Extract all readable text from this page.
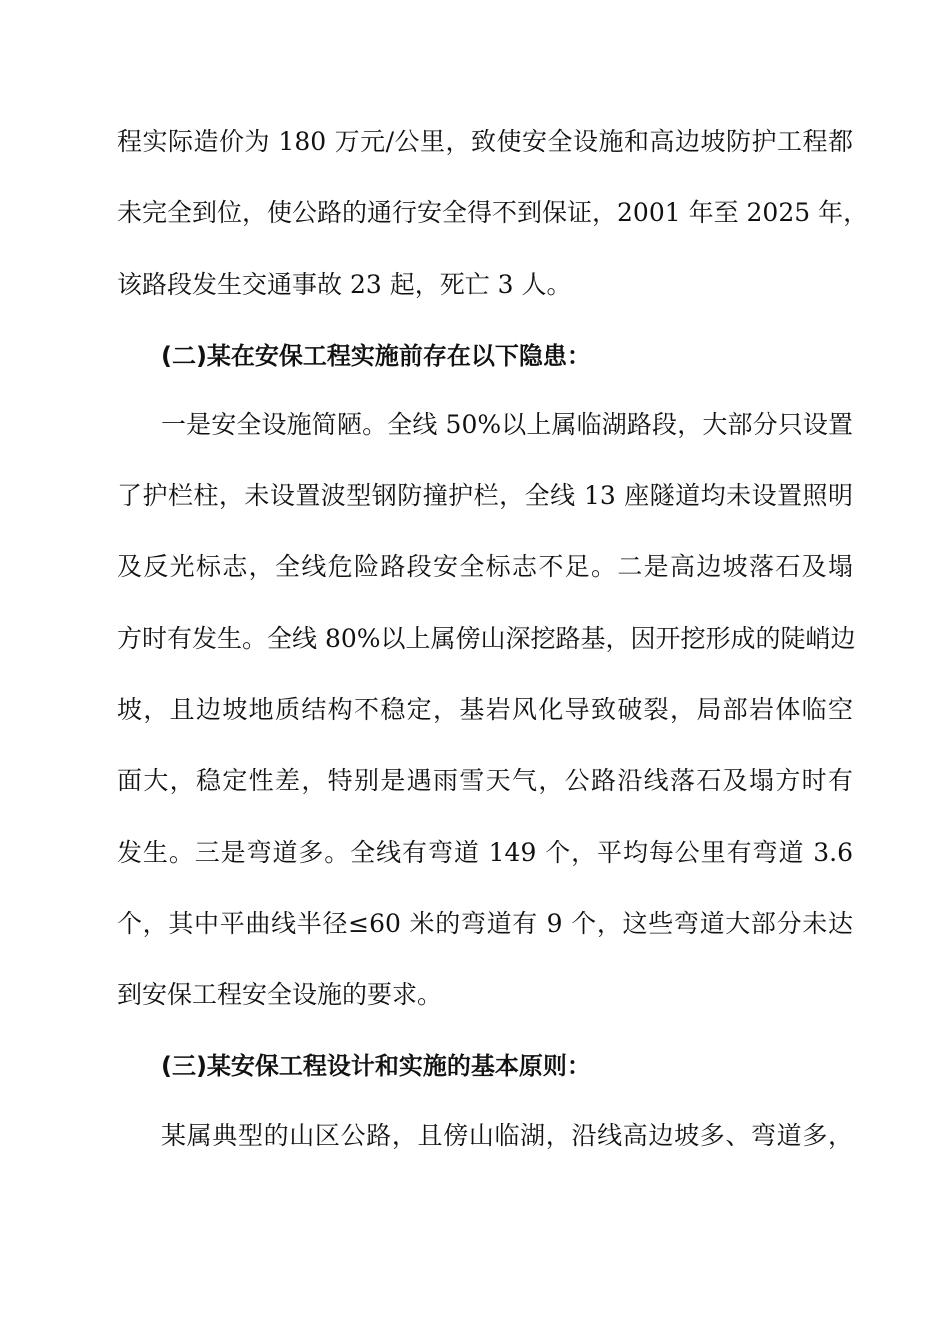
程实际造价为 180 万元/公里，致使安全设施和高边坡防护工程都
未完全到位，使公路的通行安全得不到保证，2001 年至 2025 年，
该路段发生交通事故 23 起，死亡 3 人。
(二)某在安保工程实施前存在以下隐患：
一是安全设施简陋。全线 50%以上属临湖路段，大部分只设置
了护栏柱，未设置波型钢防撞护栏，全线 13 座隧道均未设置照明
及反光标志，全线危险路段安全标志不足。二是高边坡落石及塌
方时有发生。全线 80%以上属傍山深挖路基，因开挖形成的陡峭边
坡，且边坡地质结构不稳定，基岩风化导致破裂，局部岩体临空
面大，稳定性差，特别是遇雨雪天气，公路沿线落石及塌方时有
发生。三是弯道多。全线有弯道 149 个，平均每公里有弯道 3.6
个，其中平曲线半径≤60 米的弯道有 9 个，这些弯道大部分未达
到安保工程安全设施的要求。
(三)某安保工程设计和实施的基本原则：
某属典型的山区公路，且傍山临湖，沿线高边坡多、弯道多，
